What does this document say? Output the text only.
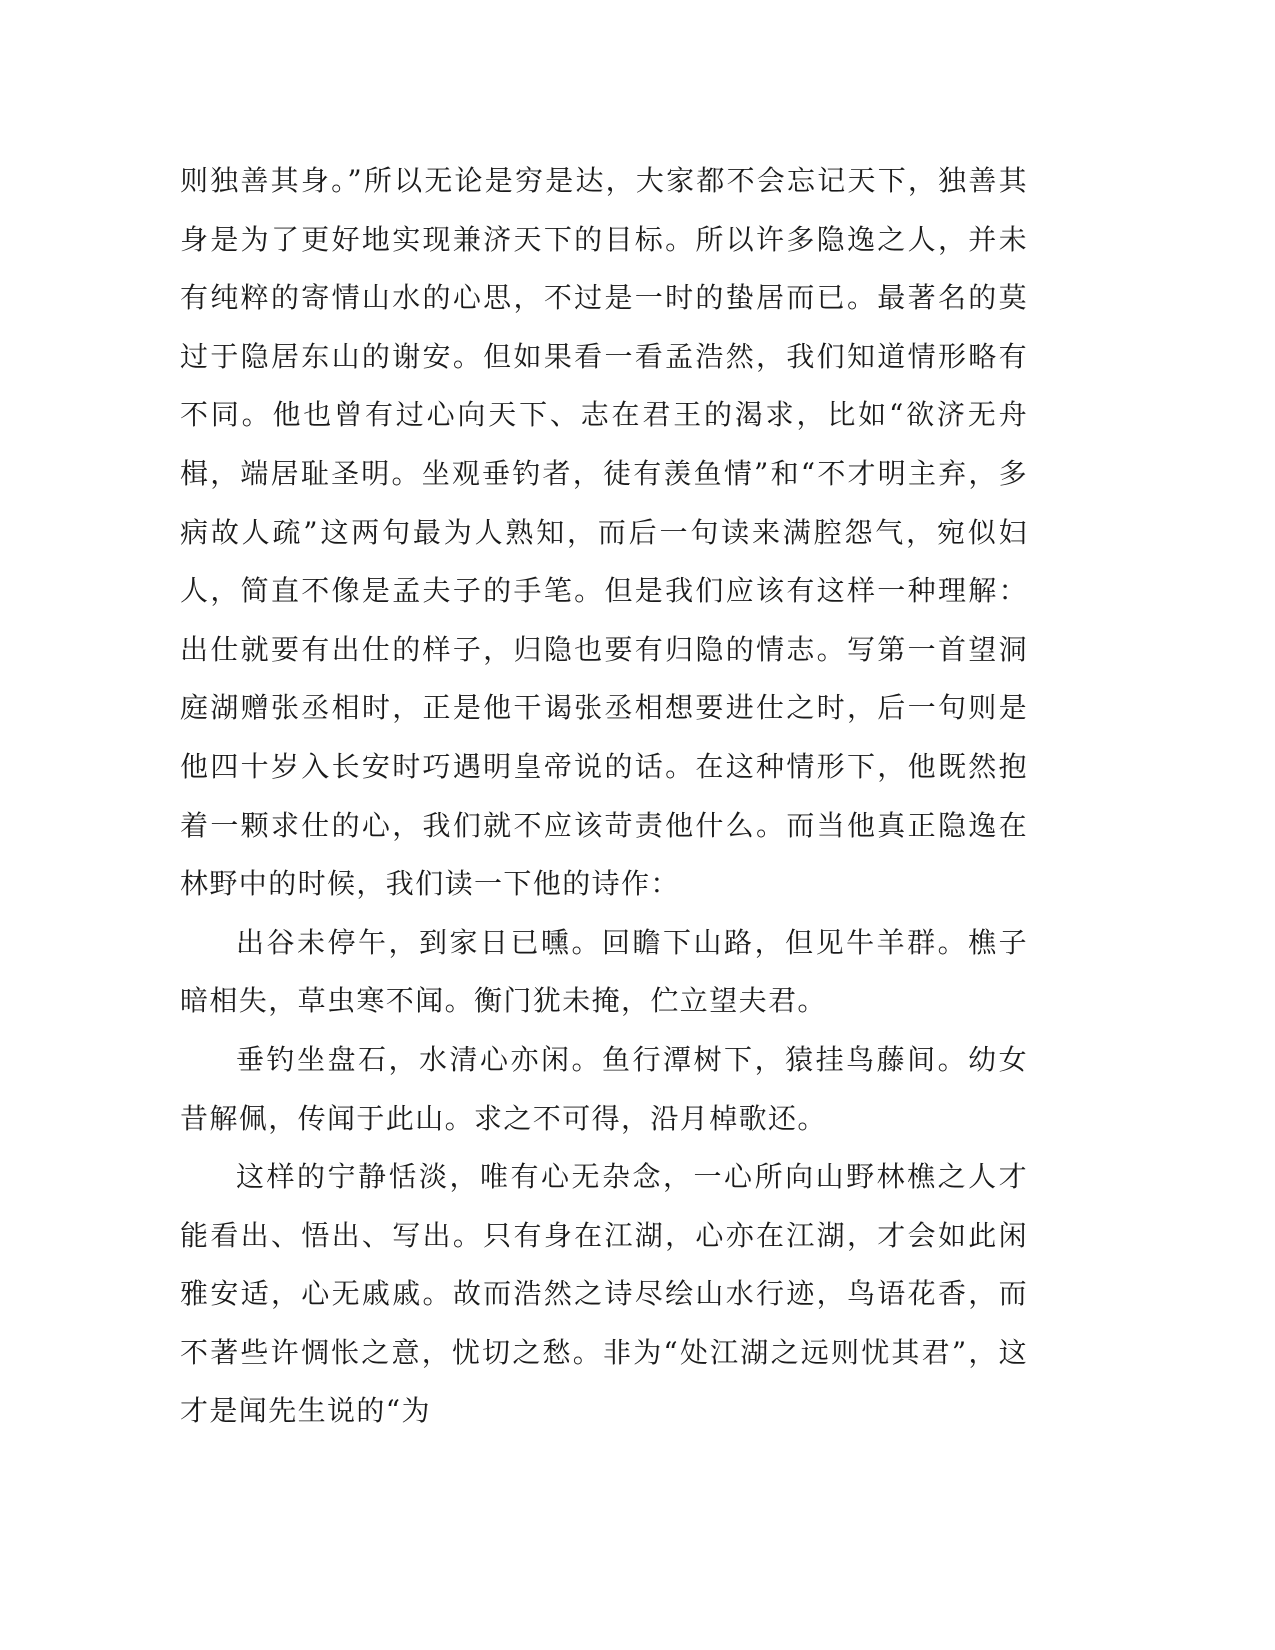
则独善其身。”所以无论是穷是达，大家都不会忘记天下，独善其身是为了更好地实现兼济天下的目标。所以许多隐逸之人，并未有纯粹的寄情山水的心思，不过是一时的蛰居而已。最著名的莫过于隐居东山的谢安。但如果看一看孟浩然，我们知道情形略有不同。他也曾有过心向天下、志在君王的渴求，比如“欲济无舟楫，端居耻圣明。坐观垂钓者，徒有羡鱼情”和“不才明主弃，多病故人疏”这两句最为人熟知，而后一句读来满腔怨气，宛似妇人，简直不像是孟夫子的手笔。但是我们应该有这样一种理解：出仕就要有出仕的样子，归隐也要有归隐的情志。写第一首望洞庭湖赠张丞相时，正是他干谒张丞相想要进仕之时，后一句则是他四十岁入长安时巧遇明皇帝说的话。在这种情形下，他既然抱着一颗求仕的心，我们就不应该苛责他什么。而当他真正隐逸在林野中的时候，我们读一下他的诗作：

出谷未停午，到家日已曛。回瞻下山路，但见牛羊群。樵子暗相失，草虫寒不闻。衡门犹未掩，伫立望夫君。

垂钓坐盘石，水清心亦闲。鱼行潭树下，猿挂鸟藤间。幼女昔解佩，传闻于此山。求之不可得，沿月棹歌还。

这样的宁静恬淡，唯有心无杂念，一心所向山野林樵之人才能看出、悟出、写出。只有身在江湖，心亦在江湖，才会如此闲雅安适，心无戚戚。故而浩然之诗尽绘山水行迹，鸟语花香，而不著些许惆怅之意，忧切之愁。非为“处江湖之远则忧其君”，这才是闻先生说的“为
